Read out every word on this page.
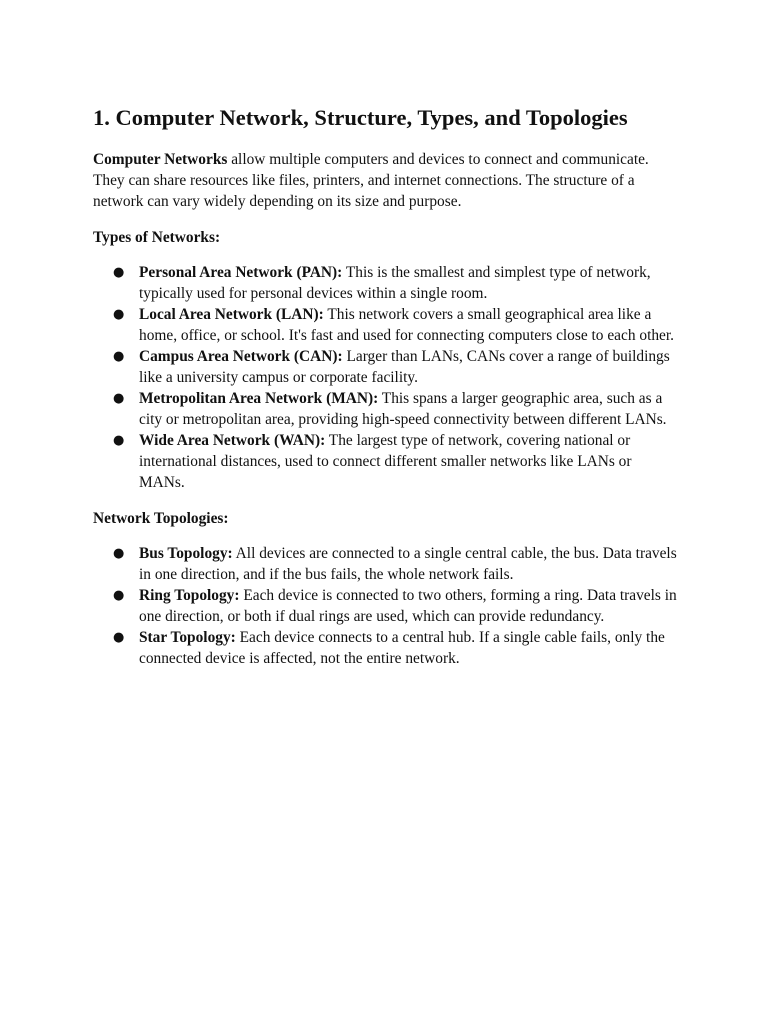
1. Computer Network, Structure, Types, and Topologies

Computer Networks allow multiple computers and devices to connect and communicate. They can share resources like files, printers, and internet connections. The structure of a network can vary widely depending on its size and purpose.

Types of Networks:

● Personal Area Network (PAN): This is the smallest and simplest type of network, typically used for personal devices within a single room.
● Local Area Network (LAN): This network covers a small geographical area like a home, office, or school. It's fast and used for connecting computers close to each other.
● Campus Area Network (CAN): Larger than LANs, CANs cover a range of buildings like a university campus or corporate facility.
● Metropolitan Area Network (MAN): This spans a larger geographic area, such as a city or metropolitan area, providing high-speed connectivity between different LANs.
● Wide Area Network (WAN): The largest type of network, covering national or international distances, used to connect different smaller networks like LANs or MANs.

Network Topologies:

● Bus Topology: All devices are connected to a single central cable, the bus. Data travels in one direction, and if the bus fails, the whole network fails.
● Ring Topology: Each device is connected to two others, forming a ring. Data travels in one direction, or both if dual rings are used, which can provide redundancy.
● Star Topology: Each device connects to a central hub. If a single cable fails, only the connected device is affected, not the entire network.
